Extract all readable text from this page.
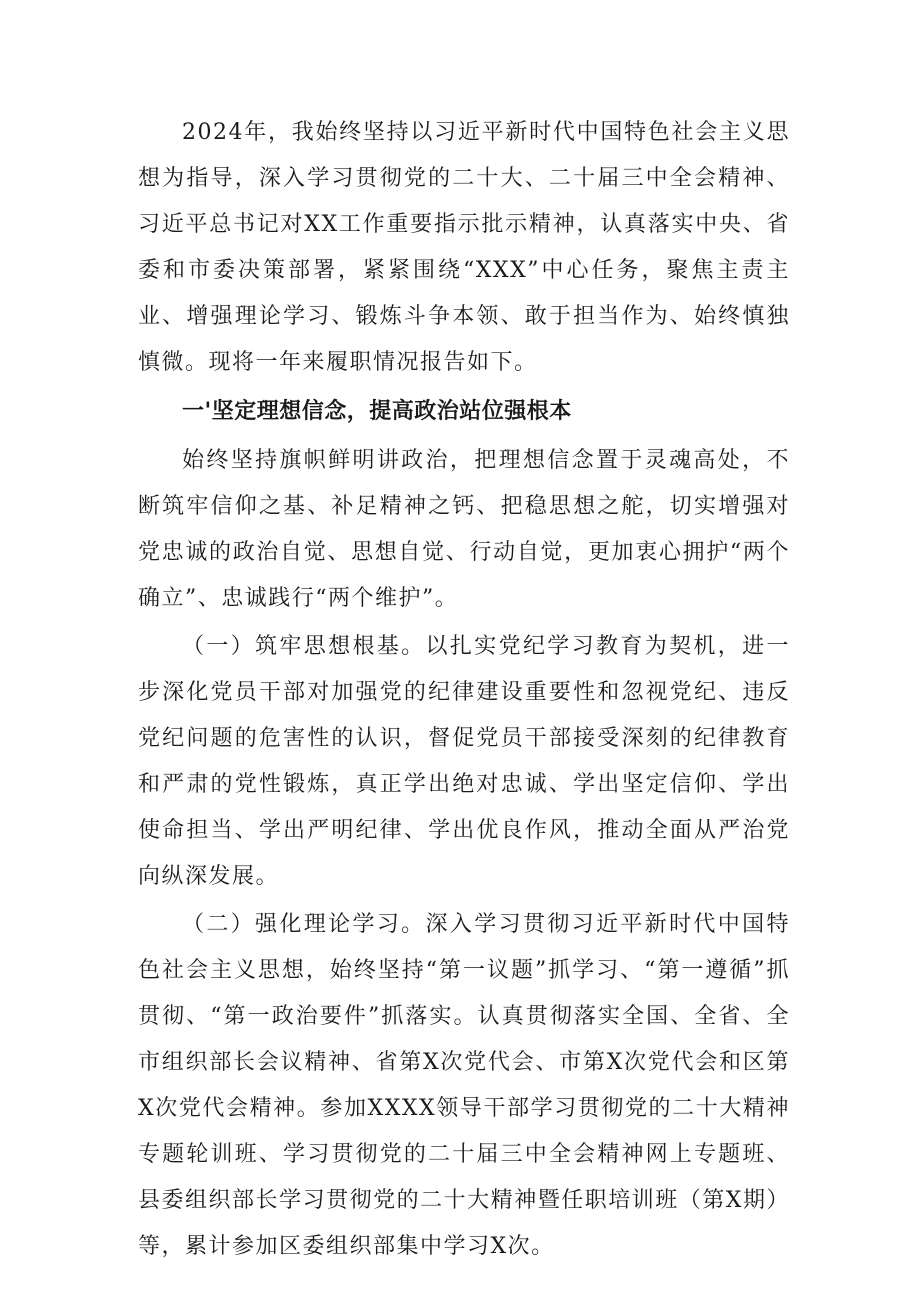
2024年，我始终坚持以习近平新时代中国特色社会主义思想为指导，深入学习贯彻党的二十大、二十届三中全会精神、习近平总书记对XX工作重要指示批示精神，认真落实中央、省委和市委决策部署，紧紧围绕“XXX”中心任务，聚焦主责主业、增强理论学习、锻炼斗争本领、敢于担当作为、始终慎独慎微。现将一年来履职情况报告如下。

一'坚定理想信念，提高政治站位强根本

始终坚持旗帜鲜明讲政治，把理想信念置于灵魂高处，不断筑牢信仰之基、补足精神之钙、把稳思想之舵，切实增强对党忠诚的政治自觉、思想自觉、行动自觉，更加衷心拥护“两个确立”、忠诚践行“两个维护”。

（一）筑牢思想根基。以扎实党纪学习教育为契机，进一步深化党员干部对加强党的纪律建设重要性和忽视党纪、违反党纪问题的危害性的认识，督促党员干部接受深刻的纪律教育和严肃的党性锻炼，真正学出绝对忠诚、学出坚定信仰、学出使命担当、学出严明纪律、学出优良作风，推动全面从严治党向纵深发展。

（二）强化理论学习。深入学习贯彻习近平新时代中国特色社会主义思想，始终坚持“第一议题”抓学习、“第一遵循”抓贯彻、“第一政治要件”抓落实。认真贯彻落实全国、全省、全市组织部长会议精神、省第X次党代会、市第X次党代会和区第X次党代会精神。参加XXXX领导干部学习贯彻党的二十大精神专题轮训班、学习贯彻党的二十届三中全会精神网上专题班、县委组织部长学习贯彻党的二十大精神暨任职培训班（第X期）等，累计参加区委组织部集中学习X次。
